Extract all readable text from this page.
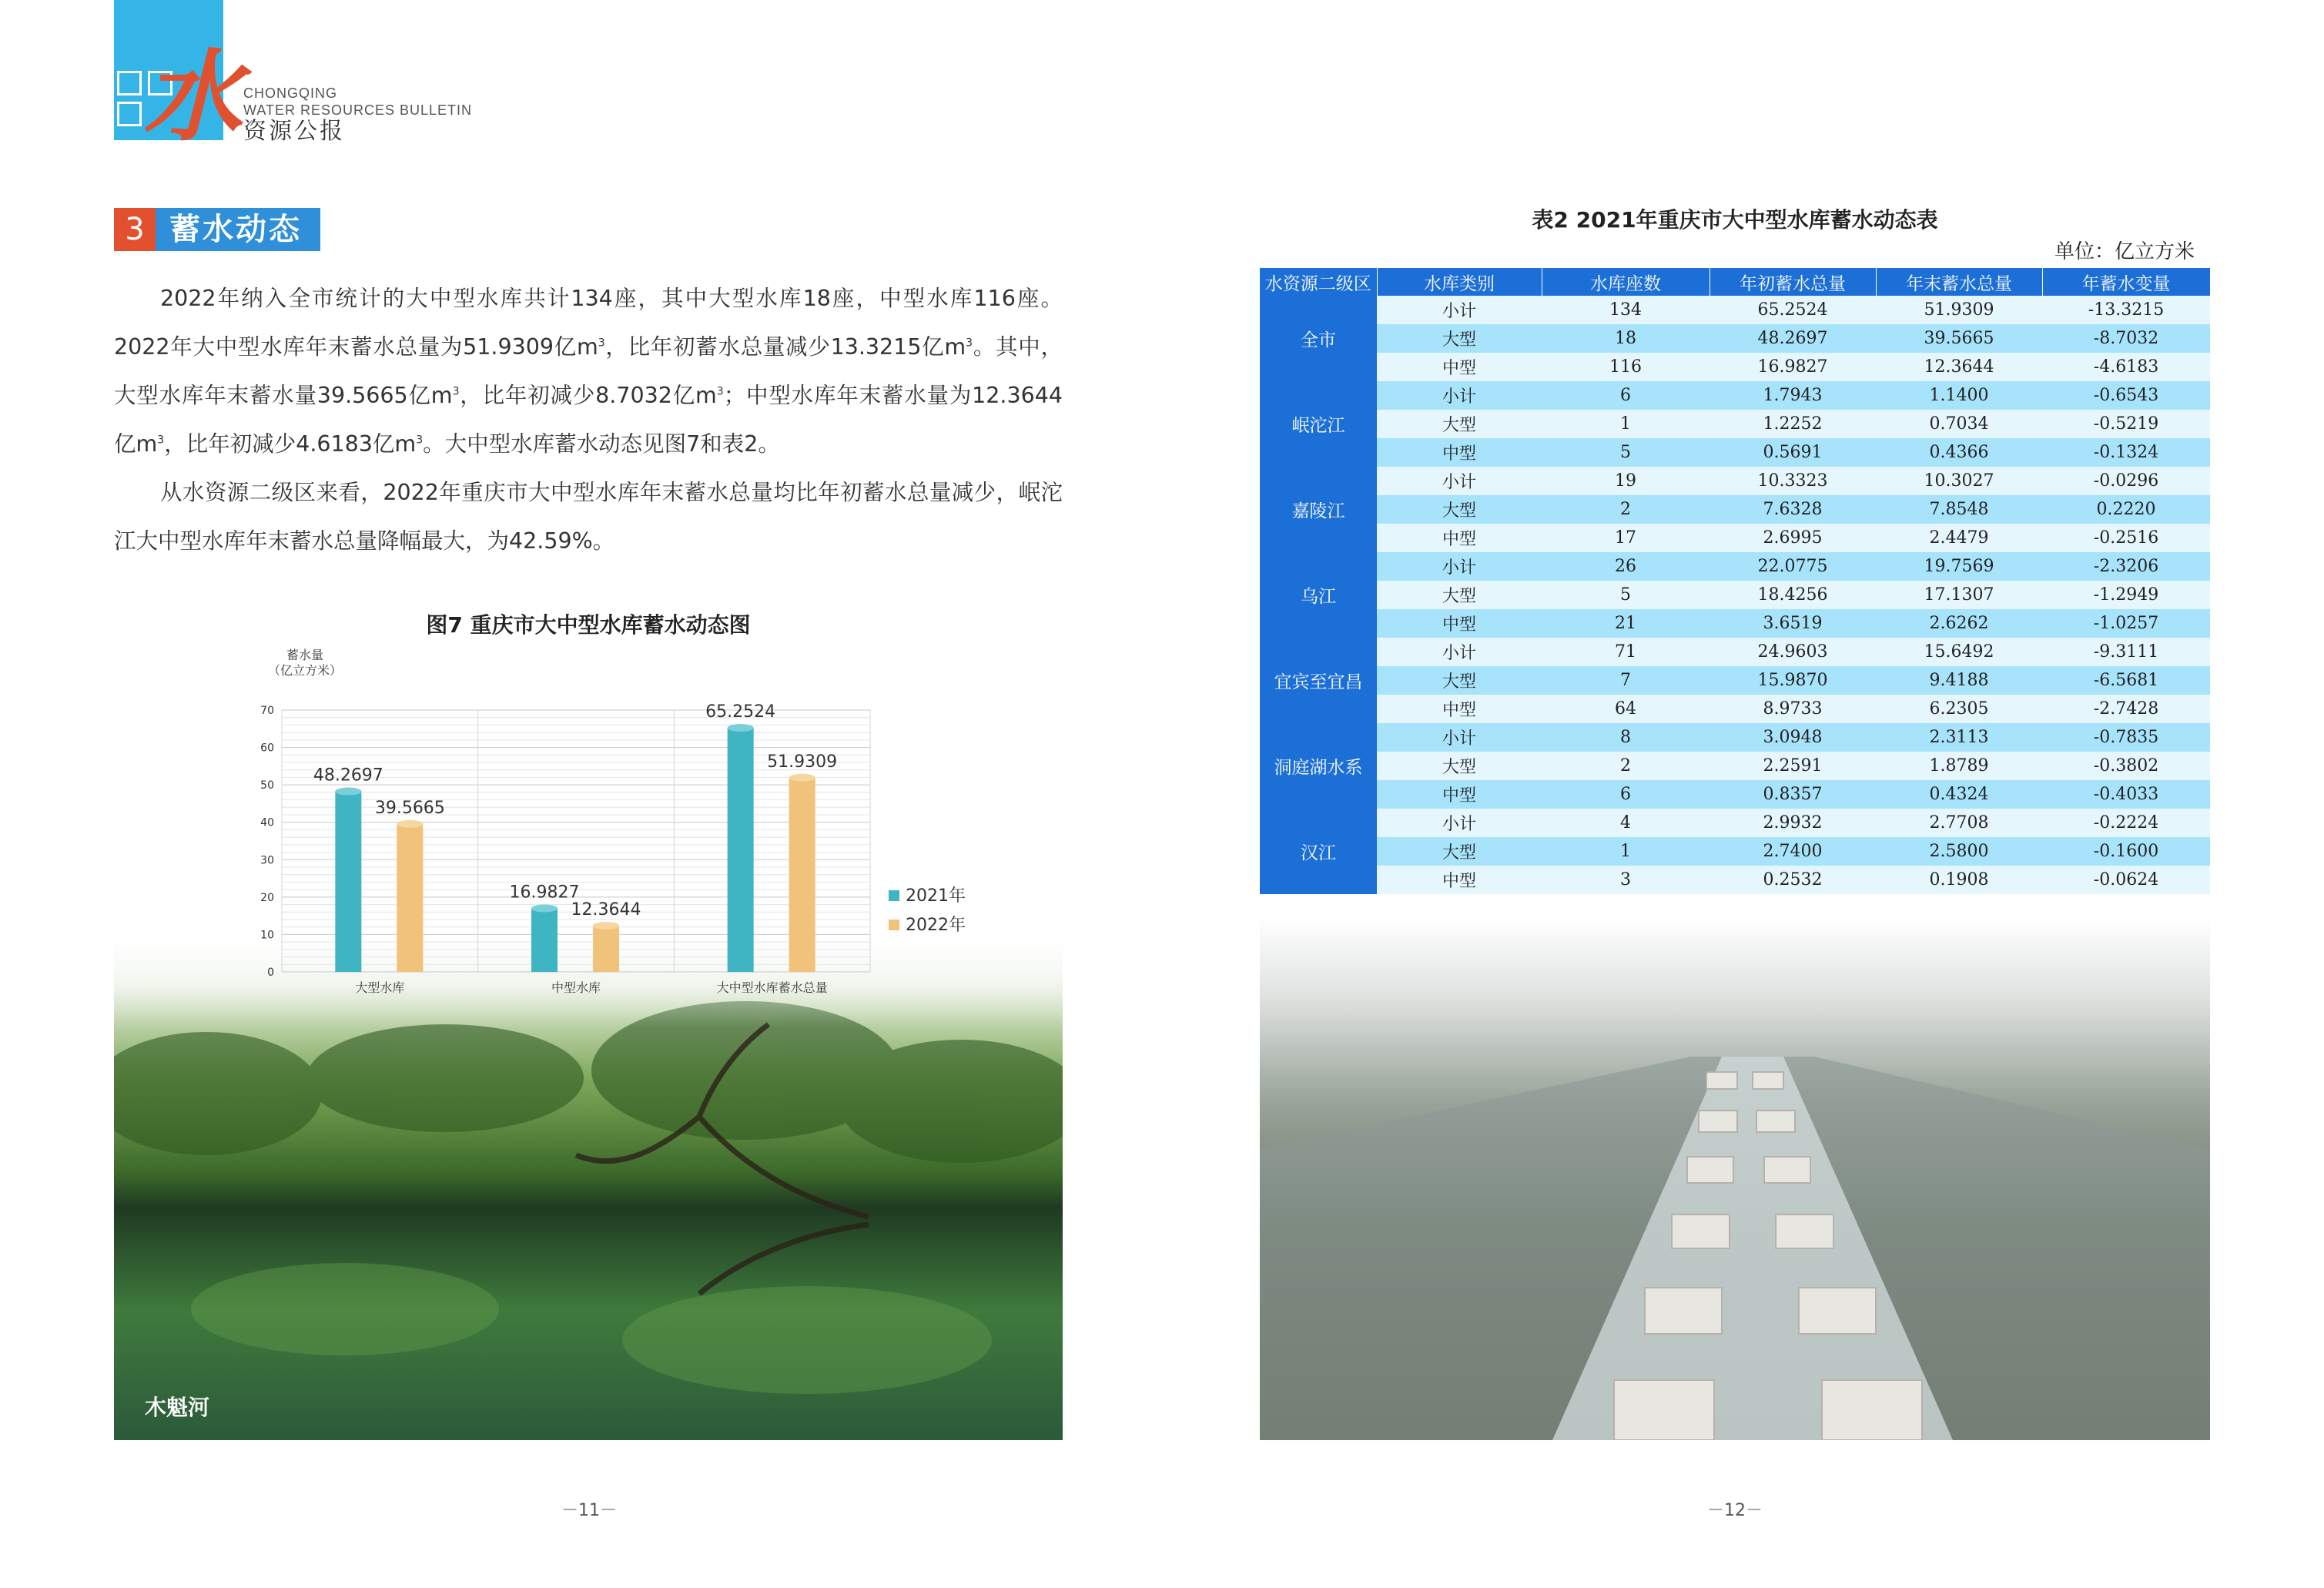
水 CHONGQING
WATER RESOURCES BULLETIN
资源公报
3 蓄水动态

2022年纳入全市统计的大中型水库共计134座，其中大型水库18座，中型水库116座。2022年大中型水库年末蓄水总量为51.9309亿$m^3$，比年初蓄水总量减少13.3215亿$m^3$。其中，大型水库年末蓄水量39.5665亿$m^3$，比年初减少8.7032亿$m^3$；中型水库年末蓄水量为12.3644亿$m^3$，比年初减少4.6183亿$m^3$。大中型水库蓄水动态见图7和表2。

从水资源二级区来看，2022年重庆市大中型水库年末蓄水总量均比年初蓄水总量减少，岷沱江大中型水库年末蓄水总量降幅最大，为42.59%。

木魁河
图7 重庆市大中型水库蓄水动态图
蓄水量
（亿立方米）
0
10
20
30
40
50
60
70
48.2697
39.5665
大型水库
16.9827
12.3644
中型水库
65.2524
51.9309
大中型水库蓄水总量
2021年
2022年
表2 2021年重庆市大中型水库蓄水动态表
单位：亿立方米
水资源二级区	水库类别	水库座数	年初蓄水总量	年末蓄水总量	年蓄水变量
全市	小计	134	65.2524	51.9309	-13.3215
	大型	18	48.2697	39.5665	-8.7032
	中型	116	16.9827	12.3644	-4.6183
岷沱江	小计	6	1.7943	1.1400	-0.6543
	大型	1	1.2252	0.7034	-0.5219
	中型	5	0.5691	0.4366	-0.1324
嘉陵江	小计	19	10.3323	10.3027	-0.0296
	大型	2	7.6328	7.8548	0.2220
	中型	17	2.6995	2.4479	-0.2516
乌江	小计	26	22.0775	19.7569	-2.3206
	大型	5	18.4256	17.1307	-1.2949
	中型	21	3.6519	2.6262	-1.0257
宜宾至宜昌	小计	71	24.9603	15.6492	-9.3111
	大型	7	15.9870	9.4188	-6.5681
	中型	64	8.9733	6.2305	-2.7428
洞庭湖水系	小计	8	3.0948	2.3113	-0.7835
	大型	2	2.2591	1.8789	-0.3802
	中型	6	0.8357	0.4324	-0.4033
汉江	小计	4	2.9932	2.7708	-0.2224
	大型	1	2.7400	2.5800	-0.1600
	中型	3	0.2532	0.1908	-0.0624
－11－	－12－
